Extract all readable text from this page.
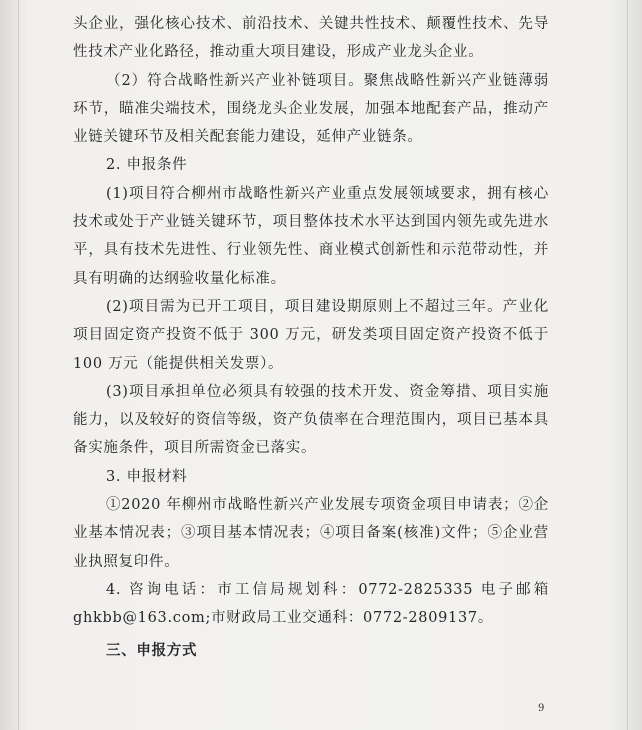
头企业，强化核心技术、前沿技术、关键共性技术、颠覆性技术、先导性技术产业化路径，推动重大项目建设，形成产业龙头企业。

（2）符合战略性新兴产业补链项目。聚焦战略性新兴产业链薄弱环节，瞄准尖端技术，围绕龙头企业发展，加强本地配套产品，推动产业链关键环节及相关配套能力建设，延伸产业链条。

2. 申报条件

(1)项目符合柳州市战略性新兴产业重点发展领域要求，拥有核心技术或处于产业链关键环节，项目整体技术水平达到国内领先或先进水平，具有技术先进性、行业领先性、商业模式创新性和示范带动性，并具有明确的达纲验收量化标准。

(2)项目需为已开工项目，项目建设期原则上不超过三年。产业化项目固定资产投资不低于 300 万元，研发类项目固定资产投资不低于 100 万元（能提供相关发票）。

(3)项目承担单位必须具有较强的技术开发、资金筹措、项目实施能力，以及较好的资信等级，资产负债率在合理范围内，项目已基本具备实施条件，项目所需资金已落实。

3. 申报材料

①2020 年柳州市战略性新兴产业发展专项资金项目申请表；②企业基本情况表；③项目基本情况表；④项目备案(核准)文件；⑤企业营业执照复印件。

4. 咨询电话：市工信局规划科：0772-2825335 电子邮箱ghkbb@163.com;市财政局工业交通科：0772-2809137。

三、申报方式

9
